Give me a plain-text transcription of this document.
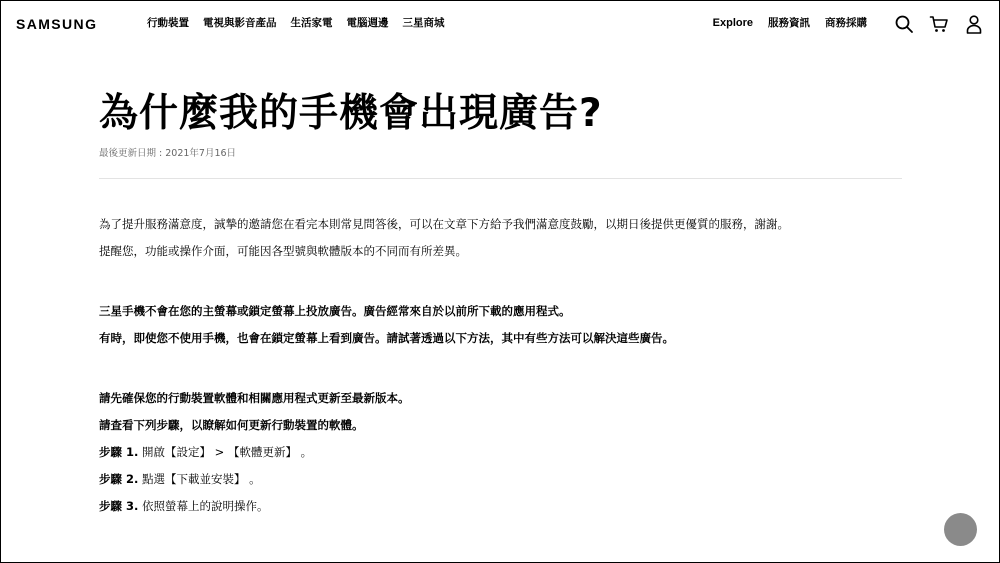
SAMSUNG	行動裝置 電視與影音產品 生活家電 電腦週邊 三星商城	Explore 服務資訊 商務採購
為什麼我的手機會出現廣告?
最後更新日期 : 2021年7月16日

為了提升服務滿意度，誠摯的邀請您在看完本則常見問答後，可以在文章下方給予我們滿意度鼓勵，以期日後提供更優質的服務，謝謝。

提醒您，功能或操作介面，可能因各型號與軟體版本的不同而有所差異。

三星手機不會在您的主螢幕或鎖定螢幕上投放廣告。廣告經常來自於以前所下載的應用程式。

有時，即使您不使用手機，也會在鎖定螢幕上看到廣告。請試著透過以下方法，其中有些方法可以解決這些廣告。

請先確保您的行動裝置軟體和相關應用程式更新至最新版本。

請查看下列步驟，以瞭解如何更新行動裝置的軟體。

步驟 1. 開啟【設定】 > 【軟體更新】 。

步驟 2. 點選【下載並安裝】 。

步驟 3. 依照螢幕上的說明操作。
